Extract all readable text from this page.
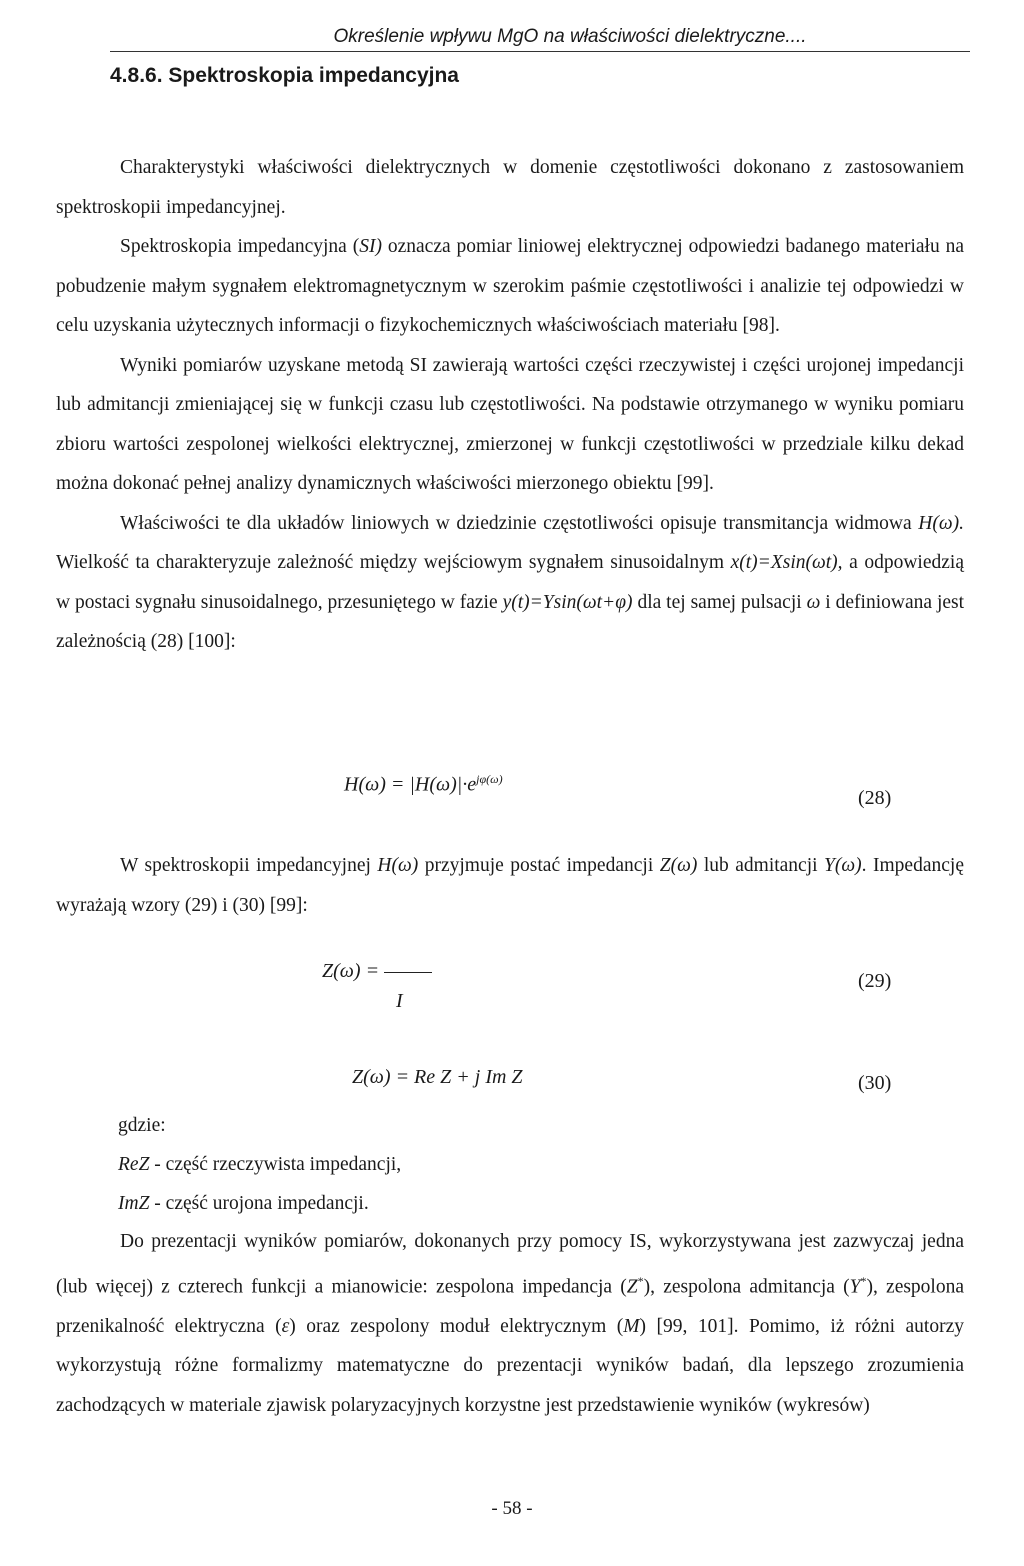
Określenie wpływu MgO na właściwości dielektryczne....
4.8.6. Spektroskopia impedancyjna

Charakterystyki właściwości dielektrycznych w domenie częstotliwości dokonano z zastosowaniem spektroskopii impedancyjnej.

Spektroskopia impedancyjna (SI) oznacza pomiar liniowej elektrycznej odpowiedzi badanego materiału na pobudzenie małym sygnałem elektromagnetycznym w szerokim paśmie częstotliwości i analizie tej odpowiedzi w celu uzyskania użytecznych informacji o fizykochemicznych właściwościach materiału [98].

Wyniki pomiarów uzyskane metodą SI zawierają wartości części rzeczywistej i części urojonej impedancji lub admitancji zmieniającej się w funkcji czasu lub częstotliwości. Na podstawie otrzymanego w wyniku pomiaru zbioru wartości zespolonej wielkości elektrycznej, zmierzonej w funkcji częstotliwości w przedziale kilku dekad można dokonać pełnej analizy dynamicznych właściwości mierzonego obiektu [99].

Właściwości te dla układów liniowych w dziedzinie częstotliwości opisuje transmitancja widmowa H(ω). Wielkość ta charakteryzuje zależność między wejściowym sygnałem sinusoidalnym x(t)=Xsin(ωt), a odpowiedzią w postaci sygnału sinusoidalnego, przesuniętego w fazie y(t)=Ysin(ωt+φ) dla tej samej pulsacji ω i definiowana jest zależnością (28) [100]:

$H(\omega) = |H(\omega)|\cdot e^{j\varphi(\omega)}$
(28)

W spektroskopii impedancyjnej H(ω) przyjmuje postać impedancji Z(ω) lub admitancji Y(ω). Impedancję wyrażają wzory (29) i (30) [99]:

Z(ω) =
I
(29)
Z(ω) = Re Z + j Im Z	(30)
gdzie:
ReZ - część rzeczywista impedancji,
ImZ - część urojona impedancji.

Do prezentacji wyników pomiarów, dokonanych przy pomocy IS, wykorzystywana jest zazwyczaj jedna (lub więcej) z czterech funkcji a mianowicie: zespolona impedancja (Z*), zespolona admitancja (Y*), zespolona przenikalność elektryczna (ε) oraz zespolony moduł elektrycznym (M) [99, 101]. Pomimo, iż różni autorzy wykorzystują różne formalizmy matematyczne do prezentacji wyników badań, dla lepszego zrozumienia zachodzących w materiale zjawisk polaryzacyjnych korzystne jest przedstawienie wyników (wykresów)

- 58 -
